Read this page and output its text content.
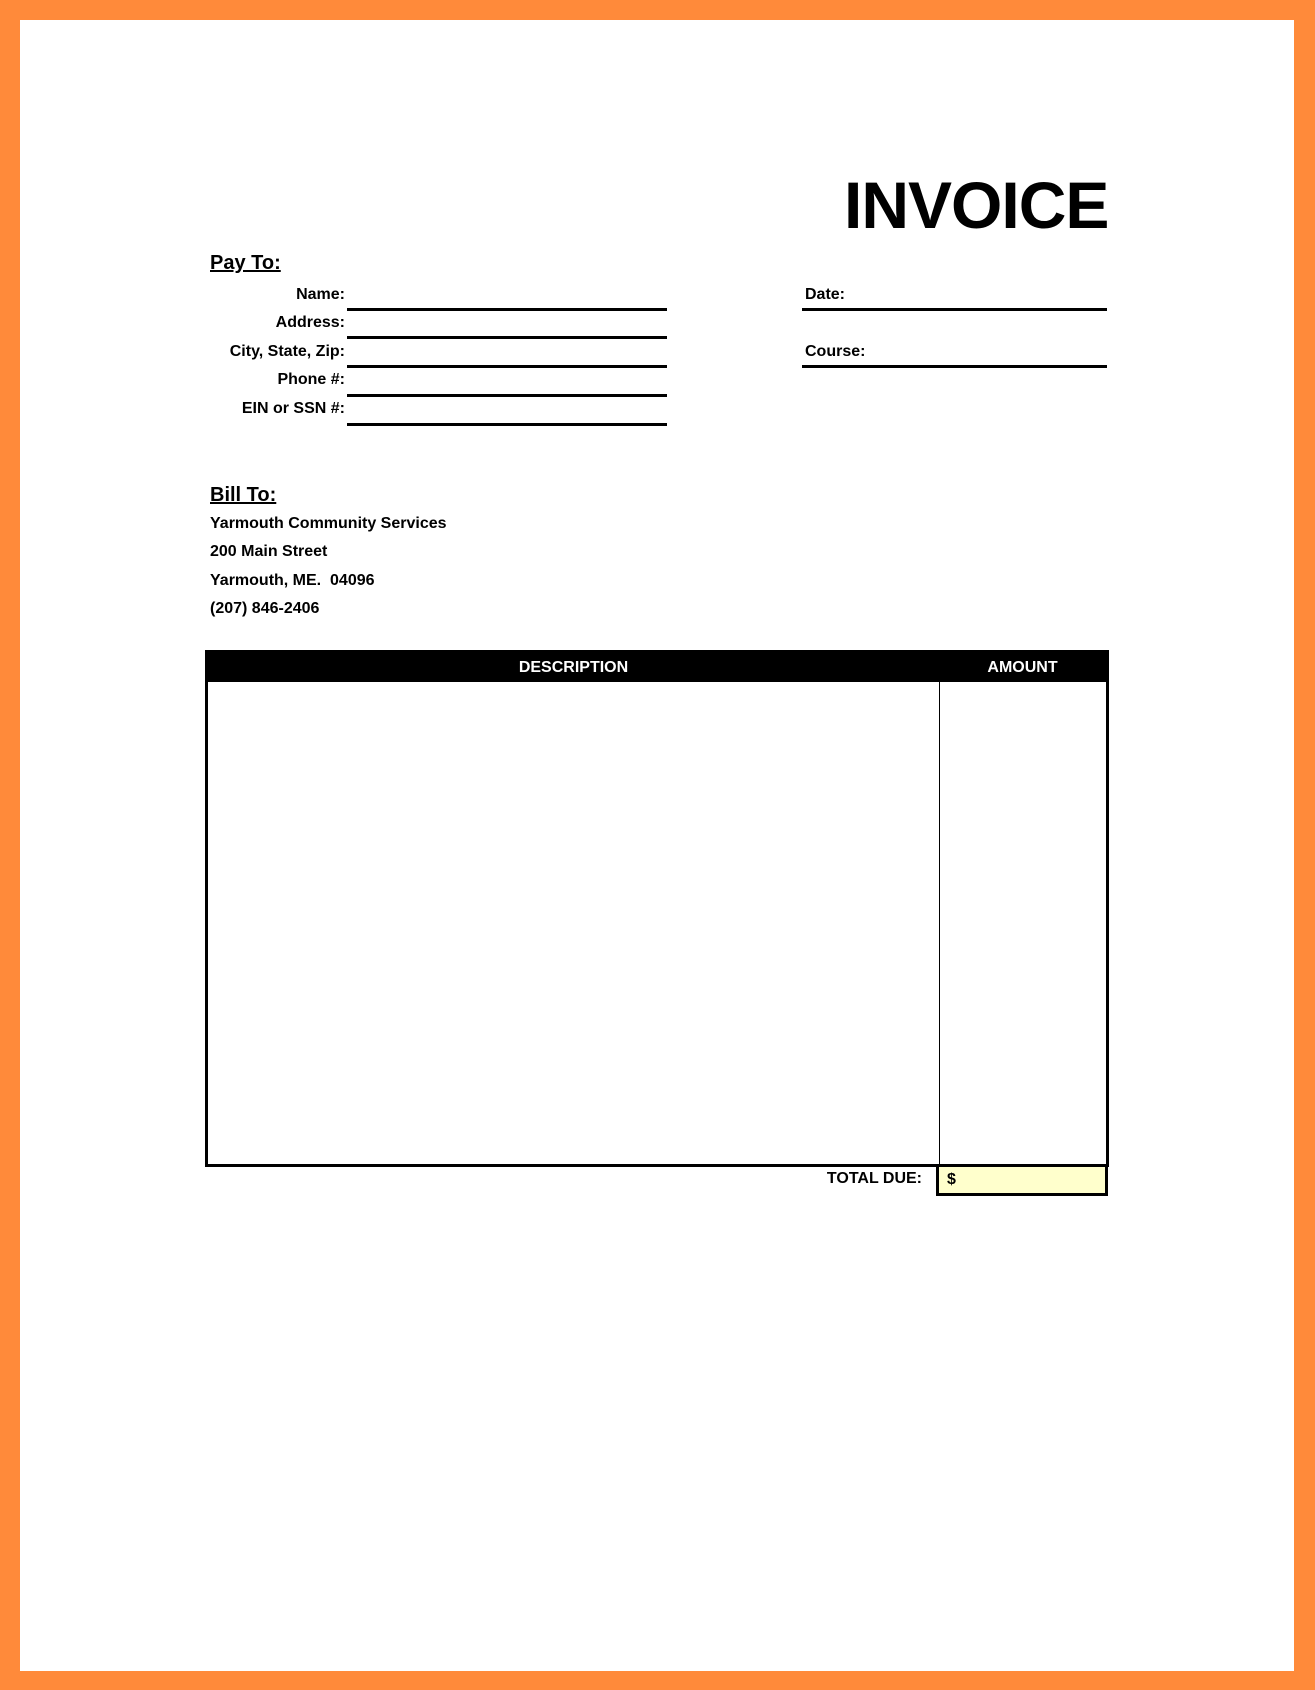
INVOICE
Pay To:
Name:
Address:
City, State, Zip:
Phone #:
EIN or SSN #:
Date:
Course:
Bill To:
Yarmouth Community Services
200 Main Street
Yarmouth, ME.  04096
(207) 846-2406
DESCRIPTION	AMOUNT
TOTAL DUE: $
